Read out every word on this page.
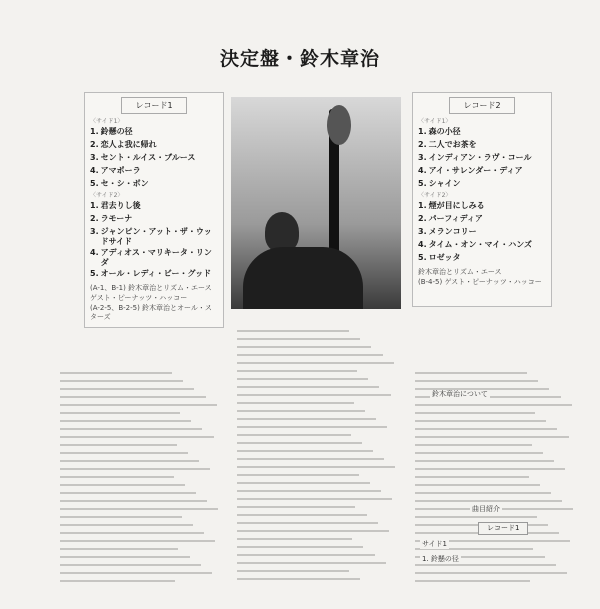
決定盤・鈴木章治
レコード1
〈サイド1〉
1. 鈴懸の径
2. 恋人よ我に帰れ
3. セント・ルイス・ブルース
4. アマポーラ
5. セ・シ・ボン
〈サイド2〉
1. 君去りし後
2. ラモーナ
3. ジャンピン・アット・ザ・ウッドサイド
4. アディオス・マリキータ・リンダ
5. オール・レディ・ビー・グッド
(A-1、B-1) 鈴木章治とリズム・エース
ゲスト・ピーナッツ・ハッコー
(A-2-5、B-2-5) 鈴木章治とオール・スターズ
レコード2
〈サイド1〉
1. 森の小径
2. 二人でお茶を
3. インディアン・ラヴ・コール
4. アイ・サレンダー・ディア
5. シャイン
〈サイド2〉
1. 煙が目にしみる
2. パーフィディア
3. メランコリー
4. タイム・オン・マイ・ハンズ
5. ロゼッタ
鈴木章治とリズム・エース
(B-4-5) ゲスト・ピーナッツ・ハッコー
鈴木章治について
曲目紹介
レコード1
サイド1
1. 鈴懸の径
